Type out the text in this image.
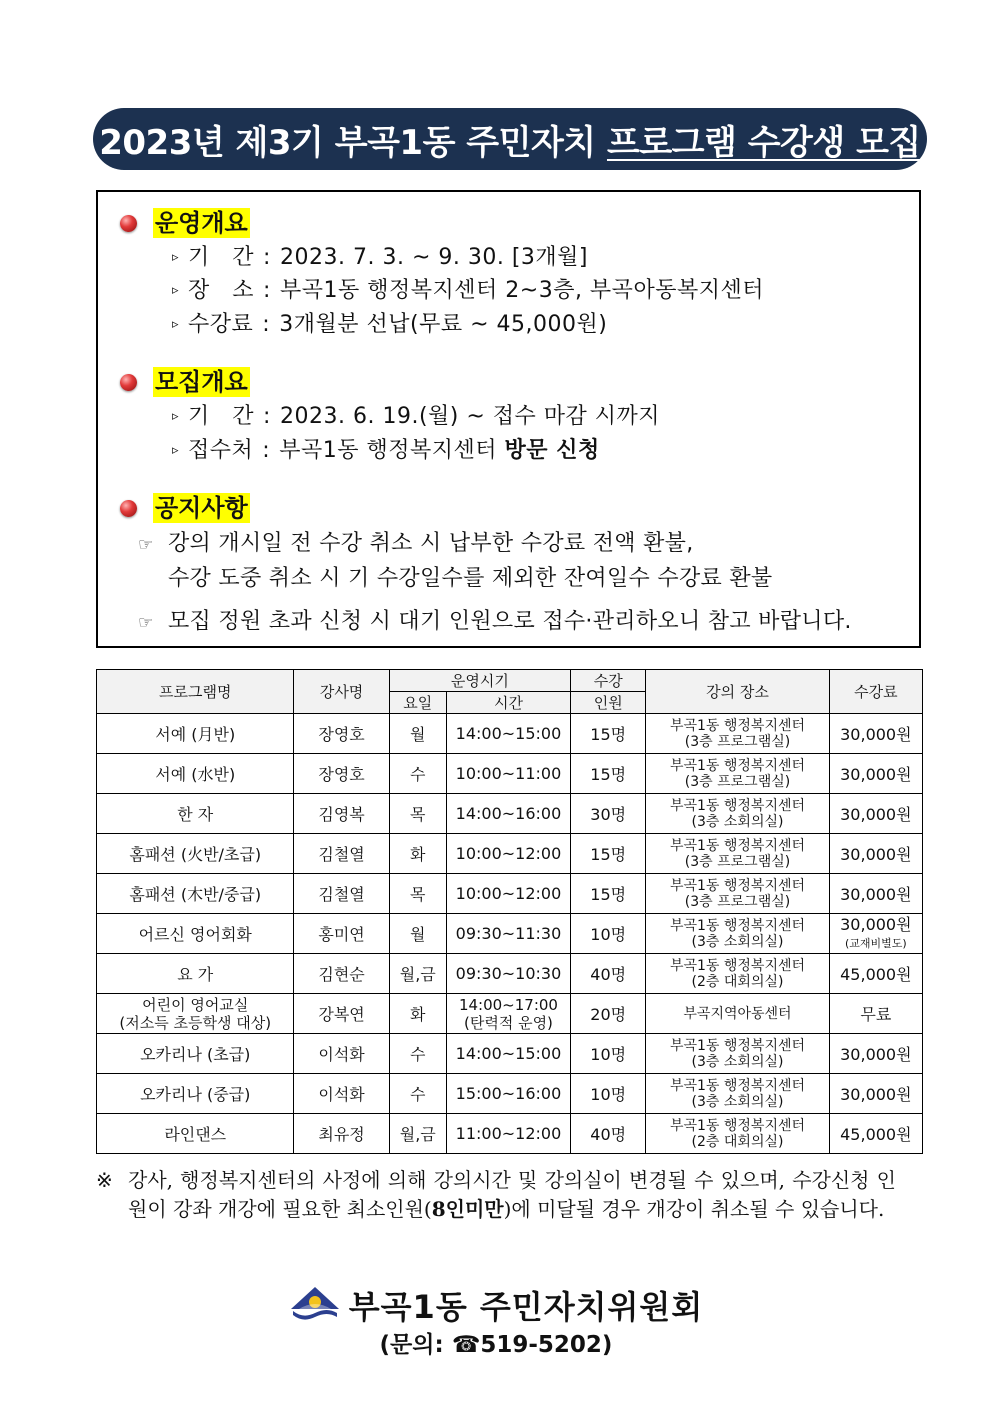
2023년 제3기 부곡1동 주민자치
프로그램 수강생 모집
운영개요
▹ 기　간 : 2023. 7. 3. ~ 9. 30. [3개월]
▹ 장　소 : 부곡1동 행정복지센터 2~3층, 부곡아동복지센터
▹ 수강료 : 3개월분 선납(무료 ~ 45,000원)
모집개요
▹ 기　간 : 2023. 6. 19.(월) ~ 접수 마감 시까지
▹ 접수처 : 부곡1동 행정복지센터 방문 신청
공지사항
☞ 강의 개시일 전 수강 취소 시 납부한 수강료 전액 환불,
수강 도중 취소 시 기 수강일수를 제외한 잔여일수 수강료 환불
☞ 모집 정원 초과 신청 시 대기 인원으로 접수·관리하오니 참고 바랍니다.
프로그램명	강사명	운영시기		수강	강의 장소	수강료
		요일	시간	인원		
서예 (月반)	장영호	월	14:00~15:00	15명	부곡1동 행정복지센터
(3층 프로그램실)	30,000원
서예 (水반)	장영호	수	10:00~11:00	15명	부곡1동 행정복지센터
(3층 프로그램실)	30,000원
한 자	김영복	목	14:00~16:00	30명	부곡1동 행정복지센터
(3층 소회의실)	30,000원
홈패션 (火반/초급)	김철열	화	10:00~12:00	15명	부곡1동 행정복지센터
(3층 프로그램실)	30,000원
홈패션 (木반/중급)	김철열	목	10:00~12:00	15명	부곡1동 행정복지센터
(3층 프로그램실)	30,000원
어르신 영어회화	홍미연	월	09:30~11:30	10명	부곡1동 행정복지센터
(3층 소회의실)	30,000원
(교재비별도)

요 가	김현순	월,금	09:30~10:30	40명	부곡1동 행정복지센터
(2층 대회의실)	45,000원

어린이 영어교실
(저소득 초등학생 대상)	강복연	화	14:00~17:00
(탄력적 운영)	20명	부곡지역아동센터	무료
오카리나 (초급)	이석화	수	14:00~15:00	10명	부곡1동 행정복지센터
(3층 소회의실)	30,000원
오카리나 (중급)	이석화	수	15:00~16:00	10명	부곡1동 행정복지센터
(3층 소회의실)	30,000원
라인댄스	최유정	월,금	11:00~12:00	40명	부곡1동 행정복지센터
(2층 대회의실)	45,000원
※ 강사, 행정복지센터의 사정에 의해 강의시간 및 강의실이 변경될 수 있으며, 수강신청 인원이 강좌 개강에 필요한 최소인원(8인미만)에 미달될 경우 개강이 취소될 수 있습니다.
부곡1동 주민자치위원회
(문의: ☎519-5202)
